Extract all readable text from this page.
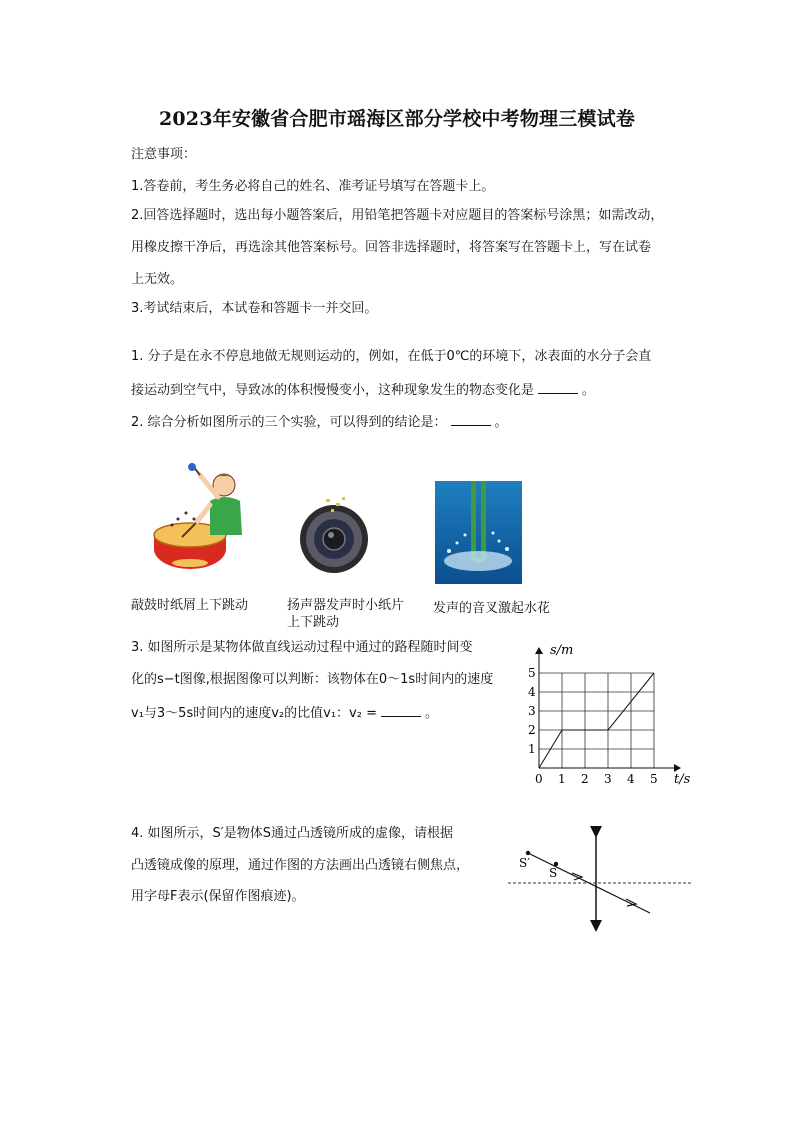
2023年安徽省合肥市瑶海区部分学校中考物理三模试卷
注意事项：
1.答卷前，考生务必将自己的姓名、准考证号填写在答题卡上。
2.回答选择题时，选出每小题答案后，用铅笔把答题卡对应题目的答案标号涂黑；如需改动，
用橡皮擦干净后，再选涂其他答案标号。回答非选择题时，将答案写在答题卡上，写在试卷
上无效。
3.考试结束后，本试卷和答题卡一并交回。
1. 分子是在永不停息地做无规则运动的，例如，在低于0℃的环境下，冰表面的水分子会直
接运动到空气中，导致冰的体积慢慢变小，这种现象发生的物态变化是	。
2. 综合分析如图所示的三个实验，可以得到的结论是：	。
敲鼓时纸屑上下跳动	扬声器发声时小纸片
上下跳动
发声的音叉激起水花
3. 如图所示是某物体做直线运动过程中通过的路程随时间变
化的s−t图像,根据图像可以判断：该物体在0～1s时间内的速度
v₁与3～5s时间内的速度v₂的比值v₁：v₂ =	。
0 1 2 3 4 5
1
2
3
4
5
s/m
t/s
4. 如图所示，S′是物体S通过凸透镜所成的虚像，请根据
凸透镜成像的原理，通过作图的方法画出凸透镜右侧焦点，
用字母F表示(保留作图痕迹)。
S′
S
